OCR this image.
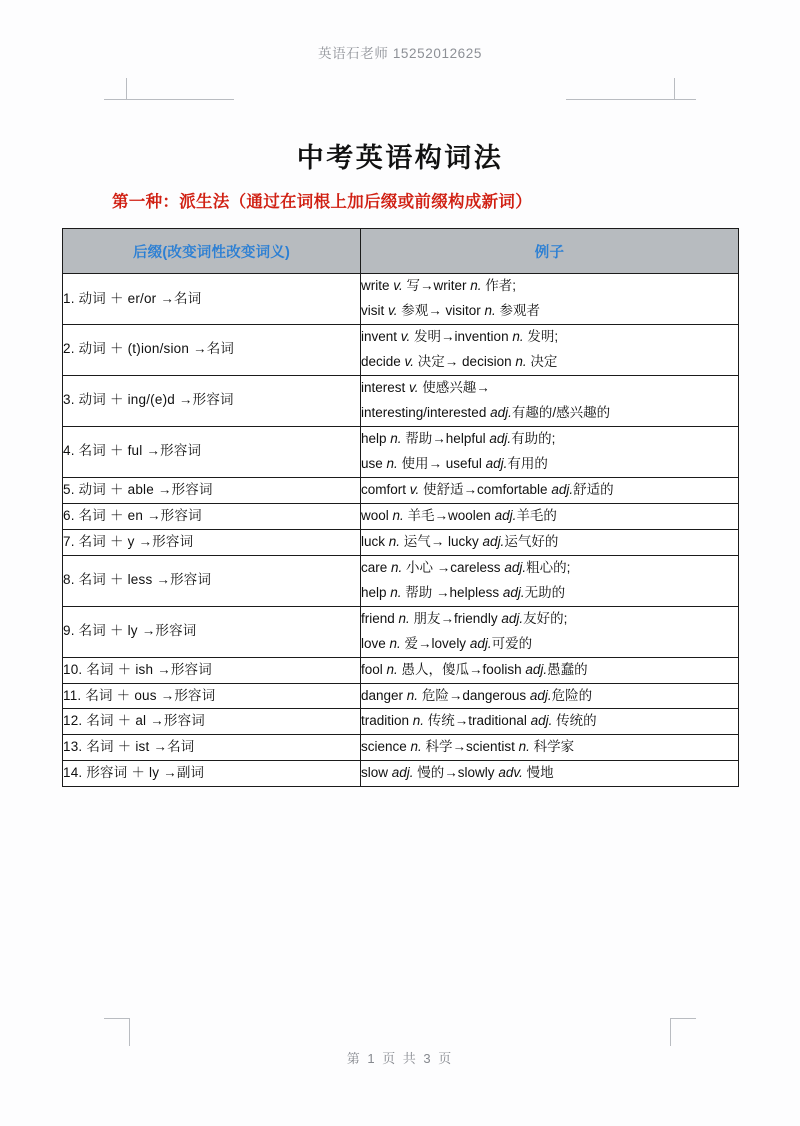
英语石老师 15252012625
中考英语构词法
第一种：派生法（通过在词根上加后缀或前缀构成新词）
后缀(改变词性改变词义)	例子
1. 动词 ＋ er/or →名词	write v. 写→writer n. 作者;
visit v. 参观→ visitor n. 参观者

2. 动词 ＋ (t)ion/sion →名词	invent v. 发明→invention n. 发明;
decide v. 决定→ decision n. 决定

3. 动词 ＋ ing/(e)d →形容词	interest v. 使感兴趣→
interesting/interested adj.有趣的/感兴趣的

4. 名词 ＋ ful →形容词	help n. 帮助→helpful adj.有助的;
use n. 使用→ useful adj.有用的

5. 动词 ＋ able →形容词	comfort v. 使舒适→comfortable adj.舒适的

6. 名词 ＋ en →形容词	wool n. 羊毛→woolen adj.羊毛的

7. 名词 ＋ y →形容词	luck n. 运气→ lucky adj.运气好的

8. 名词 ＋ less →形容词	care n. 小心 →careless adj.粗心的;
help n. 帮助 →helpless adj.无助的

9. 名词 ＋ ly →形容词	friend n. 朋友→friendly adj.友好的;
love n. 爱→lovely adj.可爱的

10. 名词 ＋ ish →形容词	fool n. 愚人，傻瓜→foolish adj.愚蠢的

11. 名词 ＋ ous →形容词	danger n. 危险→dangerous adj.危险的

12. 名词 ＋ al →形容词	tradition n. 传统→traditional adj. 传统的

13. 名词 ＋ ist →名词	science n. 科学→scientist n. 科学家

14. 形容词 ＋ ly →副词	slow adj. 慢的→slowly adv. 慢地
第 1 页 共 3 页
